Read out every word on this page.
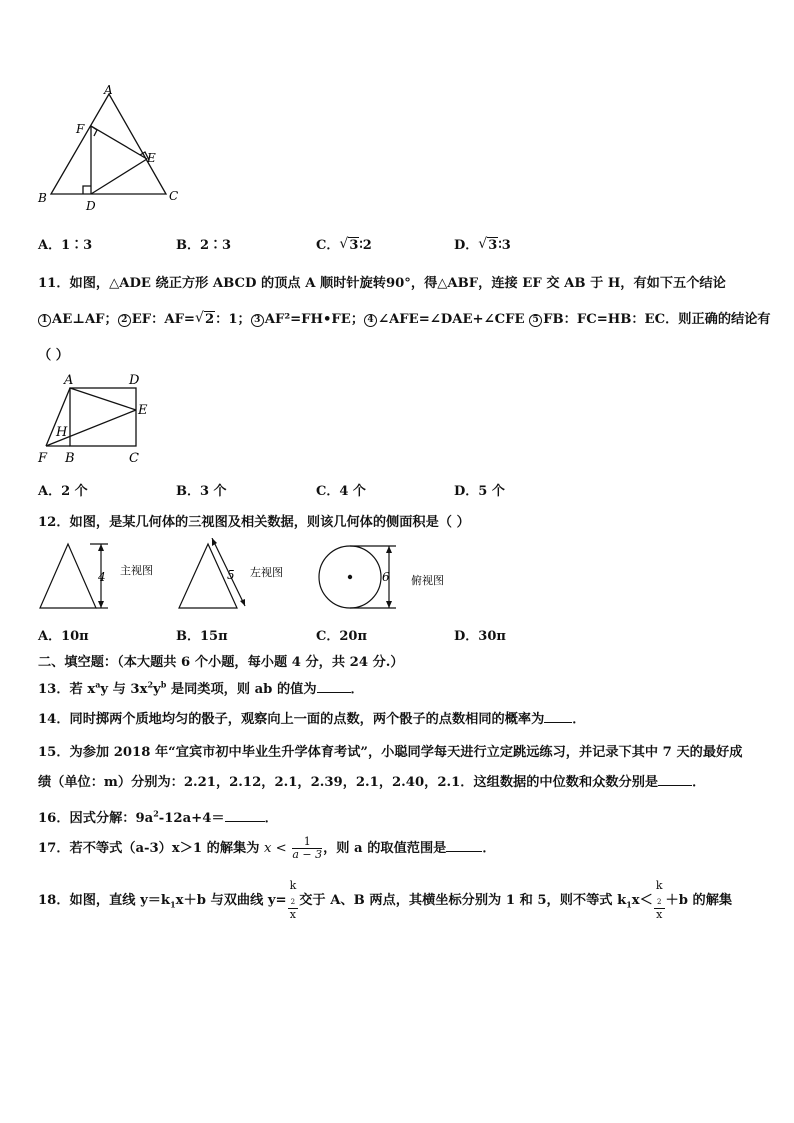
A
F
E
B
D
C
A．1∶3	B．2∶3	C． √ 3∶2	D． √ 3∶3
11．如图，△ADE 绕正方形 ABCD 的顶点 A 顺时针旋转90°，得△ABF，连接 EF 交 AB 于 H，有如下五个结论
1 AE⊥AF； 2 EF：AF= √ 2：1； 3 AF²=FH•FE； 4 ∠AFE=∠DAE+∠CFE 5 FB：FC=HB：EC．则正确的结论有
（ ）
A	D
E
H
F B	C
A．2 个	B．3 个	C．4 个	D．5 个
12．如图，是某几何体的三视图及相关数据，则该几何体的侧面积是（ ）
4 主视图	5 左视图	6 俯视图
A．10π	B．15π	C．20π	D．30π
二、填空题：（本大题共 6 个小题，每小题 4 分，共 24 分.）
13．若 $x^ay$ 与 $3x^2y^b$ 是同类项，则 ab 的值为	．
14．同时掷两个质地均匀的骰子，观察向上一面的点数，两个骰子的点数相同的概率为 ．
15．为参加 2018 年“宜宾市初中毕业生升学体育考试”，小聪同学每天进行立定跳远练习，并记录下其中 7 天的最好成
绩（单位：m）分别为：2.21，2.12，2.1，2.39，2.1，2.40，2.1．这组数据的中位数和众数分别是	．
16．因式分解：$9a^2-12a+4=$	．
17．若不等式（a-3）x＞1 的解集为 $x < \frac{1}{a - 3}$ ，则 a 的取值范围是	．
18．如图，直线 $y=k_1x+b$ 与双曲线 y= k
$_2$
x 交于 A、B 两点，其横坐标分别为 1 和 5，则不等式 $k_1x< k$
$_2$
x ＋b 的解集
